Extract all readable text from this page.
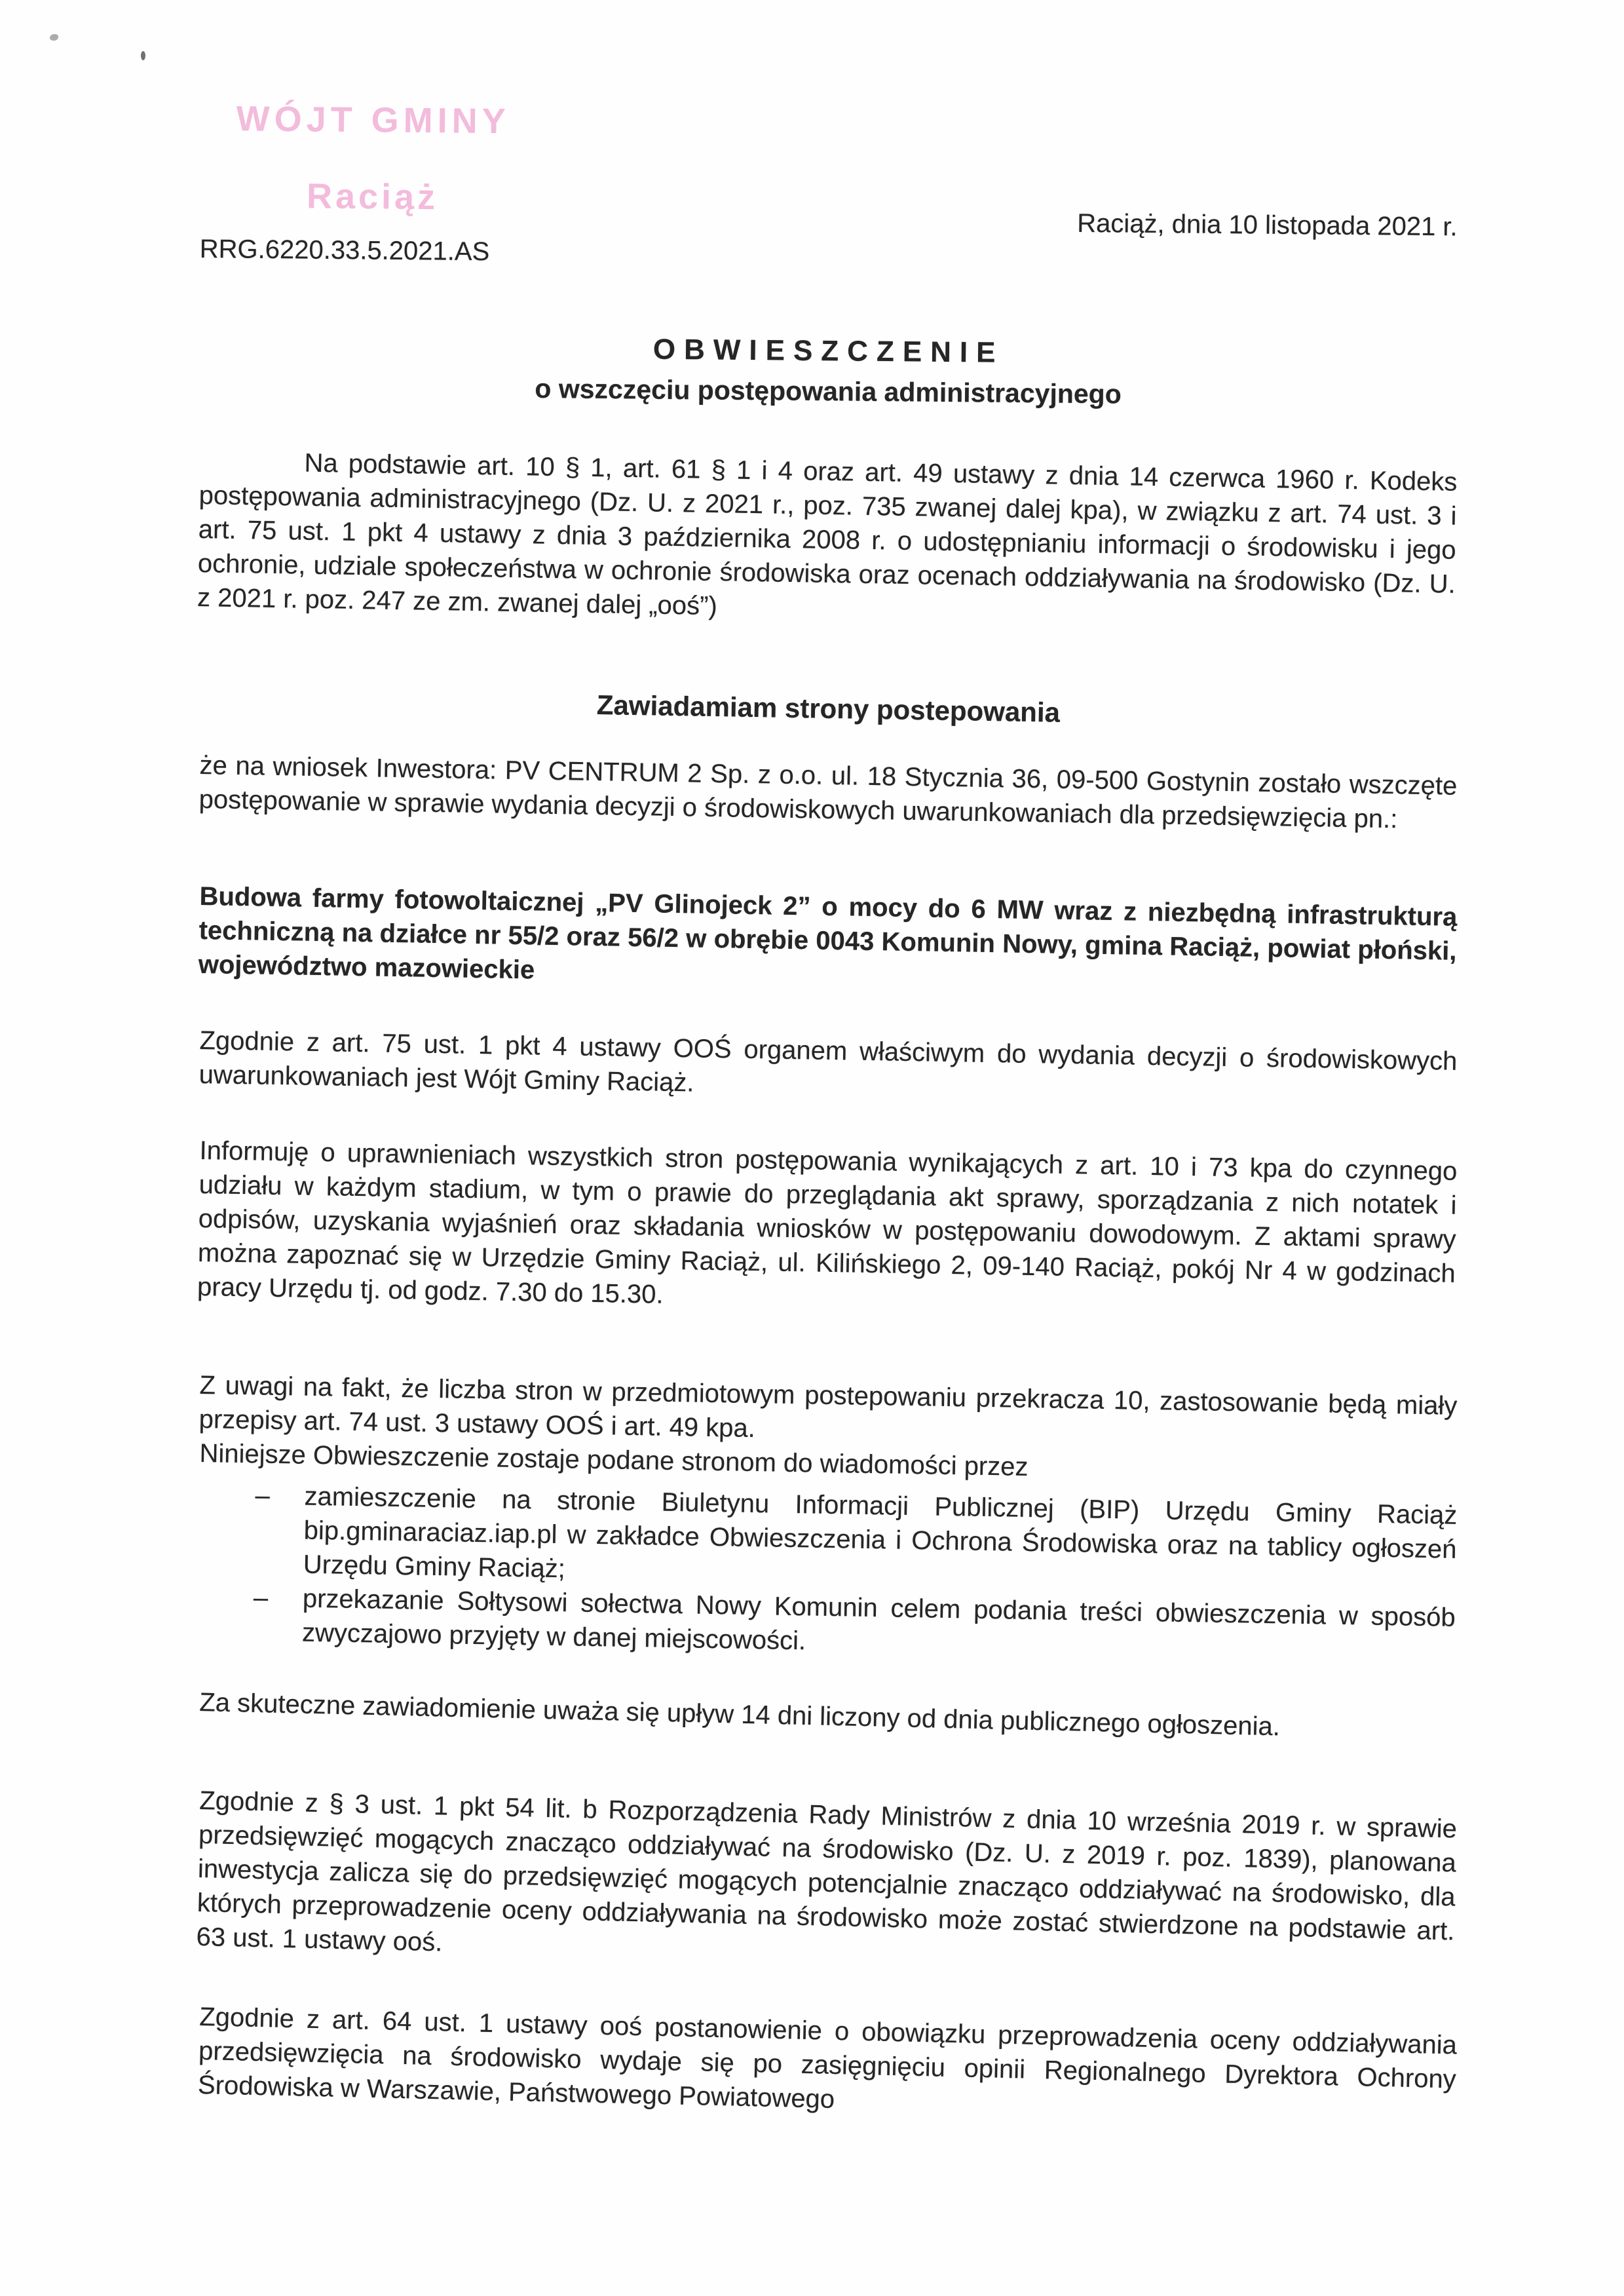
WÓJT GMINY
Raciąż
Raciąż, dnia 10 listopada 2021 r.
RRG.6220.33.5.2021.AS
OBWIESZCZENIE
o wszczęciu postępowania administracyjnego
Na podstawie art. 10 § 1, art. 61 § 1 i 4 oraz art. 49 ustawy z dnia 14 czerwca 1960 r. Kodeks postępowania administracyjnego (Dz. U. z 2021 r., poz. 735 zwanej dalej kpa), w związku z art. 74 ust. 3 i art. 75 ust. 1 pkt 4 ustawy z dnia 3 października 2008 r. o udostępnianiu informacji o środowisku i jego ochronie, udziale społeczeństwa w ochronie środowiska oraz ocenach oddziaływania na środowisko (Dz. U. z 2021 r. poz. 247 ze zm. zwanej dalej „ooś”)
Zawiadamiam strony postepowania
że na wniosek Inwestora: PV CENTRUM 2 Sp. z o.o. ul. 18 Stycznia 36, 09-500 Gostynin zostało wszczęte postępowanie w sprawie wydania decyzji o środowiskowych uwarunkowaniach dla przedsięwzięcia pn.:
Budowa farmy fotowoltaicznej „PV Glinojeck 2” o mocy do 6 MW wraz z niezbędną infrastrukturą techniczną na działce nr 55/2 oraz 56/2 w obrębie 0043 Komunin Nowy, gmina Raciąż, powiat płoński, województwo mazowieckie
Zgodnie z art. 75 ust. 1 pkt 4 ustawy OOŚ organem właściwym do wydania decyzji o środowiskowych uwarunkowaniach jest Wójt Gminy Raciąż.
Informuję o uprawnieniach wszystkich stron postępowania wynikających z art. 10 i 73 kpa do czynnego udziału w każdym stadium, w tym o prawie do przeglądania akt sprawy, sporządzania z nich notatek i odpisów, uzyskania wyjaśnień oraz składania wniosków w postępowaniu dowodowym. Z aktami sprawy można zapoznać się w Urzędzie Gminy Raciąż, ul. Kilińskiego 2, 09-140 Raciąż, pokój Nr 4 w godzinach pracy Urzędu tj. od godz. 7.30 do 15.30.
Z uwagi na fakt, że liczba stron w przedmiotowym postepowaniu przekracza 10, zastosowanie będą miały przepisy art. 74 ust. 3 ustawy OOŚ i art. 49 kpa.
Niniejsze Obwieszczenie zostaje podane stronom do wiadomości przez
– zamieszczenie na stronie Biuletynu Informacji Publicznej (BIP) Urzędu Gminy Raciąż bip.gminaraciaz.iap.pl w zakładce Obwieszczenia i Ochrona Środowiska oraz na tablicy ogłoszeń Urzędu Gminy Raciąż;
– przekazanie Sołtysowi sołectwa Nowy Komunin celem podania treści obwieszczenia w sposób zwyczajowo przyjęty w danej miejscowości.
Za skuteczne zawiadomienie uważa się upływ 14 dni liczony od dnia publicznego ogłoszenia.
Zgodnie z § 3 ust. 1 pkt 54 lit. b Rozporządzenia Rady Ministrów z dnia 10 września 2019 r. w sprawie przedsięwzięć mogących znacząco oddziaływać na środowisko (Dz. U. z 2019 r. poz. 1839), planowana inwestycja zalicza się do przedsięwzięć mogących potencjalnie znacząco oddziaływać na środowisko, dla których przeprowadzenie oceny oddziaływania na środowisko może zostać stwierdzone na podstawie art. 63 ust. 1 ustawy ooś.
Zgodnie z art. 64 ust. 1 ustawy ooś postanowienie o obowiązku przeprowadzenia oceny oddziaływania przedsięwzięcia na środowisko wydaje się po zasięgnięciu opinii Regionalnego Dyrektora Ochrony Środowiska w Warszawie, Państwowego Powiatowego
